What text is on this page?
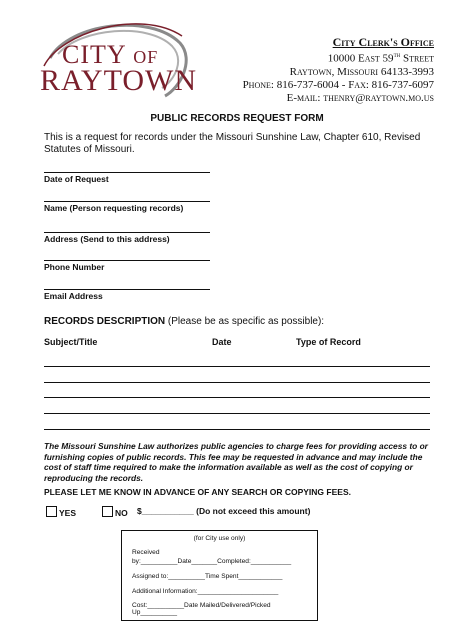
CITY OF
RAYTOWN
City Clerk's Office
10000 East 59th Street
Raytown, Missouri 64133-3993
Phone: 816-737-6004 - Fax: 816-737-6097
E-mail: thenry@raytown.mo.us
PUBLIC RECORDS REQUEST FORM
This is a request for records under the Missouri Sunshine Law, Chapter 610, Revised Statutes of Missouri.
Date of Request
Name (Person requesting records)
Address (Send to this address)
Phone Number
Email Address
RECORDS DESCRIPTION (Please be as specific as possible):
Subject/Title	Date	Type of Record
The Missouri Sunshine Law authorizes public agencies to charge fees for providing access to or furnishing copies of public records. This fee may be requested in advance and may include the cost of staff time required to make the information available as well as the cost of copying or reproducing the records.
PLEASE LET ME KNOW IN ADVANCE OF ANY SEARCH OR COPYING FEES.
YES	NO $___________ (Do not exceed this amount)
(for City use only)
Received
by:__________Date_______Completed:___________
Assigned to:__________Time Spent____________
Additional Information:______________________
Cost:__________Date Mailed/Delivered/Picked Up__________
